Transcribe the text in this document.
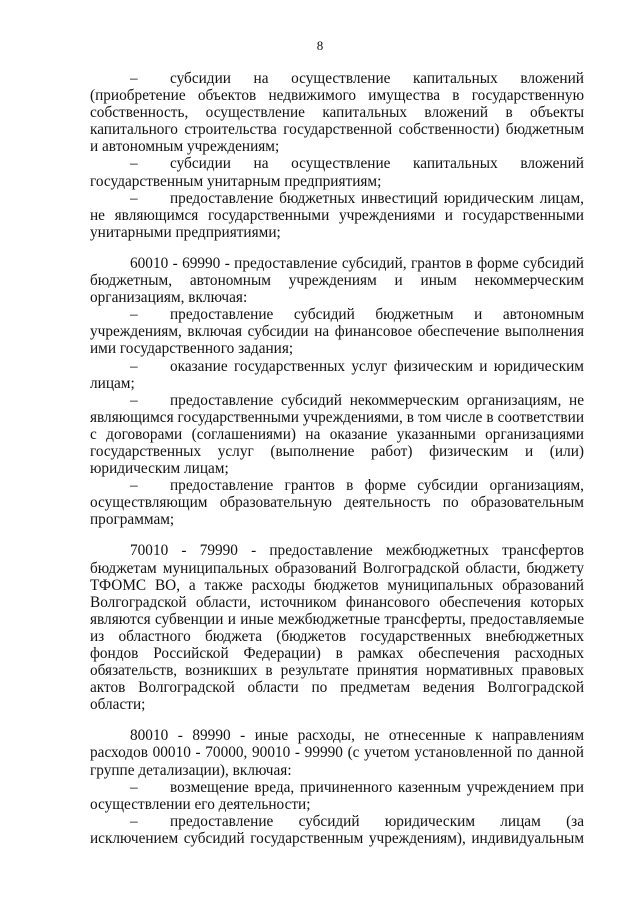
8

– субсидии на осуществление капитальных вложений (приобретение объектов недвижимого имущества в государственную собственность, осуществление капитальных вложений в объекты капитального строительства государственной собственности) бюджетным и автономным учреждениям;

– субсидии на осуществление капитальных вложений государственным унитарным предприятиям;

– предоставление бюджетных инвестиций юридическим лицам, не являющимся государственными учреждениями и государственными унитарными предприятиями;

60010 - 69990 - предоставление субсидий, грантов в форме субсидий бюджетным, автономным учреждениям и иным некоммерческим организациям, включая:

– предоставление субсидий бюджетным и автономным учреждениям, включая субсидии на финансовое обеспечение выполнения ими государственного задания;

– оказание государственных услуг физическим и юридическим лицам;

– предоставление субсидий некоммерческим организациям, не являющимся государственными учреждениями, в том числе в соответствии с договорами (соглашениями) на оказание указанными организациями государственных услуг (выполнение работ) физическим и (или) юридическим лицам;

– предоставление грантов в форме субсидии организациям, осуществляющим образовательную деятельность по образовательным программам;

70010 - 79990 - предоставление межбюджетных трансфертов бюджетам муниципальных образований Волгоградской области, бюджету ТФОМС ВО, а также расходы бюджетов муниципальных образований Волгоградской области, источником финансового обеспечения которых являются субвенции и иные межбюджетные трансферты, предоставляемые из областного бюджета (бюджетов государственных внебюджетных фондов Российской Федерации) в рамках обеспечения расходных обязательств, возникших в результате принятия нормативных правовых актов Волгоградской области по предметам ведения Волгоградской области;

80010 - 89990 - иные расходы, не отнесенные к направлениям расходов 00010 - 70000, 90010 - 99990 (с учетом установленной по данной группе детализации), включая:

– возмещение вреда, причиненного казенным учреждением при осуществлении его деятельности;

– предоставление субсидий юридическим лицам (за исключением субсидий государственным учреждениям), индивидуальным
